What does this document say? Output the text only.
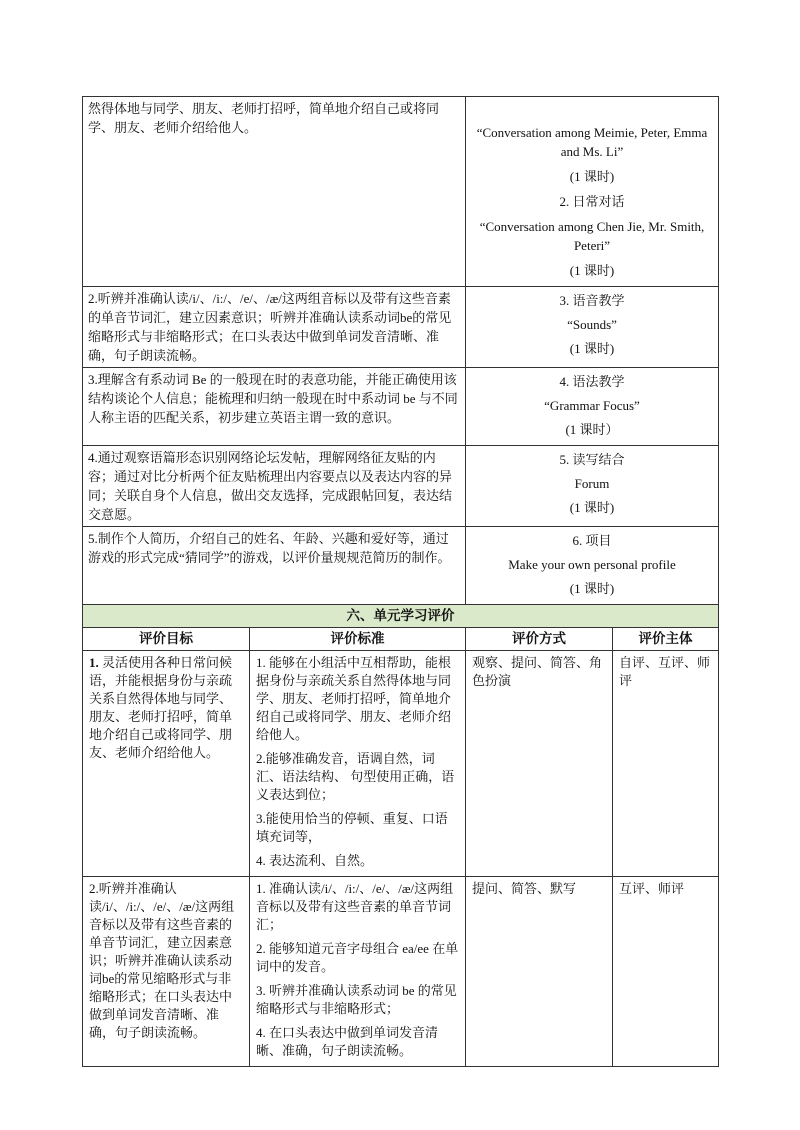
然得体地与同学、朋友、老师打招呼，简单地介绍自己或将同学、朋友、老师介绍给他人。	“Conversation among Meimie, Peter, Emma and Ms. Li”

(1 课时)

2. 日常对话

“Conversation among Chen Jie, Mr. Smith, Peteri”

(1 课时)

2.听辨并准确认读/i/、/i:/、/e/、/æ/这两组音标以及带有这些音素的单音节词汇，建立因素意识；听辨并准确认读系动词be的常见缩略形式与非缩略形式；在口头表达中做到单词发音清晰、准确，句子朗读流畅。	3. 语音教学

“Sounds”

(1 课时)

3.理解含有系动词 Be 的一般现在时的表意功能，并能正确使用该结构谈论个人信息；能梳理和归纳一般现在时中系动词 be 与不同人称主语的匹配关系，初步建立英语主谓一致的意识。	4. 语法教学

“Grammar Focus”

(1 课时）

4.通过观察语篇形态识别网络论坛发帖，理解网络征友贴的内容；通过对比分析两个征友贴梳理出内容要点以及表达内容的异同；关联自身个人信息，做出交友选择，完成跟帖回复，表达结交意愿。	5. 读写结合

Forum

(1 课时)

5.制作个人简历，介绍自己的姓名、年龄、兴趣和爱好等，通过游戏的形式完成“猜同学”的游戏，以评价量规规范简历的制作。	6. 项目

Make your own personal profile

(1 课时)

六、单元学习评价			
评价目标	评价标准	评价方式	评价主体
1. 灵活使用各种日常问候语，并能根据身份与亲疏关系自然得体地与同学、朋友、老师打招呼，简单地介绍自己或将同学、朋友、老师介绍给他人。	1. 能够在小组活中互相帮助，能根据身份与亲疏关系自然得体地与同学、朋友、老师打招呼，简单地介绍自己或将同学、朋友、老师介绍给他人。

2.能够准确发音，语调自然，词汇、语法结构、 句型使用正确，语义表达到位；

3.能使用恰当的停顿、重复、口语填充词等，

4. 表达流利、自然。	观察、提问、简答、角色扮演	自评、互评、师评
2.听辨并准确认读/i/、/i:/、/e/、/æ/这两组音标以及带有这些音素的单音节词汇，建立因素意识；听辨并准确认读系动词be的常见缩略形式与非缩略形式；在口头表达中做到单词发音清晰、准确，句子朗读流畅。	1. 准确认读/i/、/i:/、/e/、/æ/这两组音标以及带有这些音素的单音节词汇；

2. 能够知道元音字母组合 ea/ee 在单词中的发音。

3. 听辨并准确认读系动词 be 的常见缩略形式与非缩略形式；

4. 在口头表达中做到单词发音清晰、准确，句子朗读流畅。	提问、简答、默写	互评、师评
